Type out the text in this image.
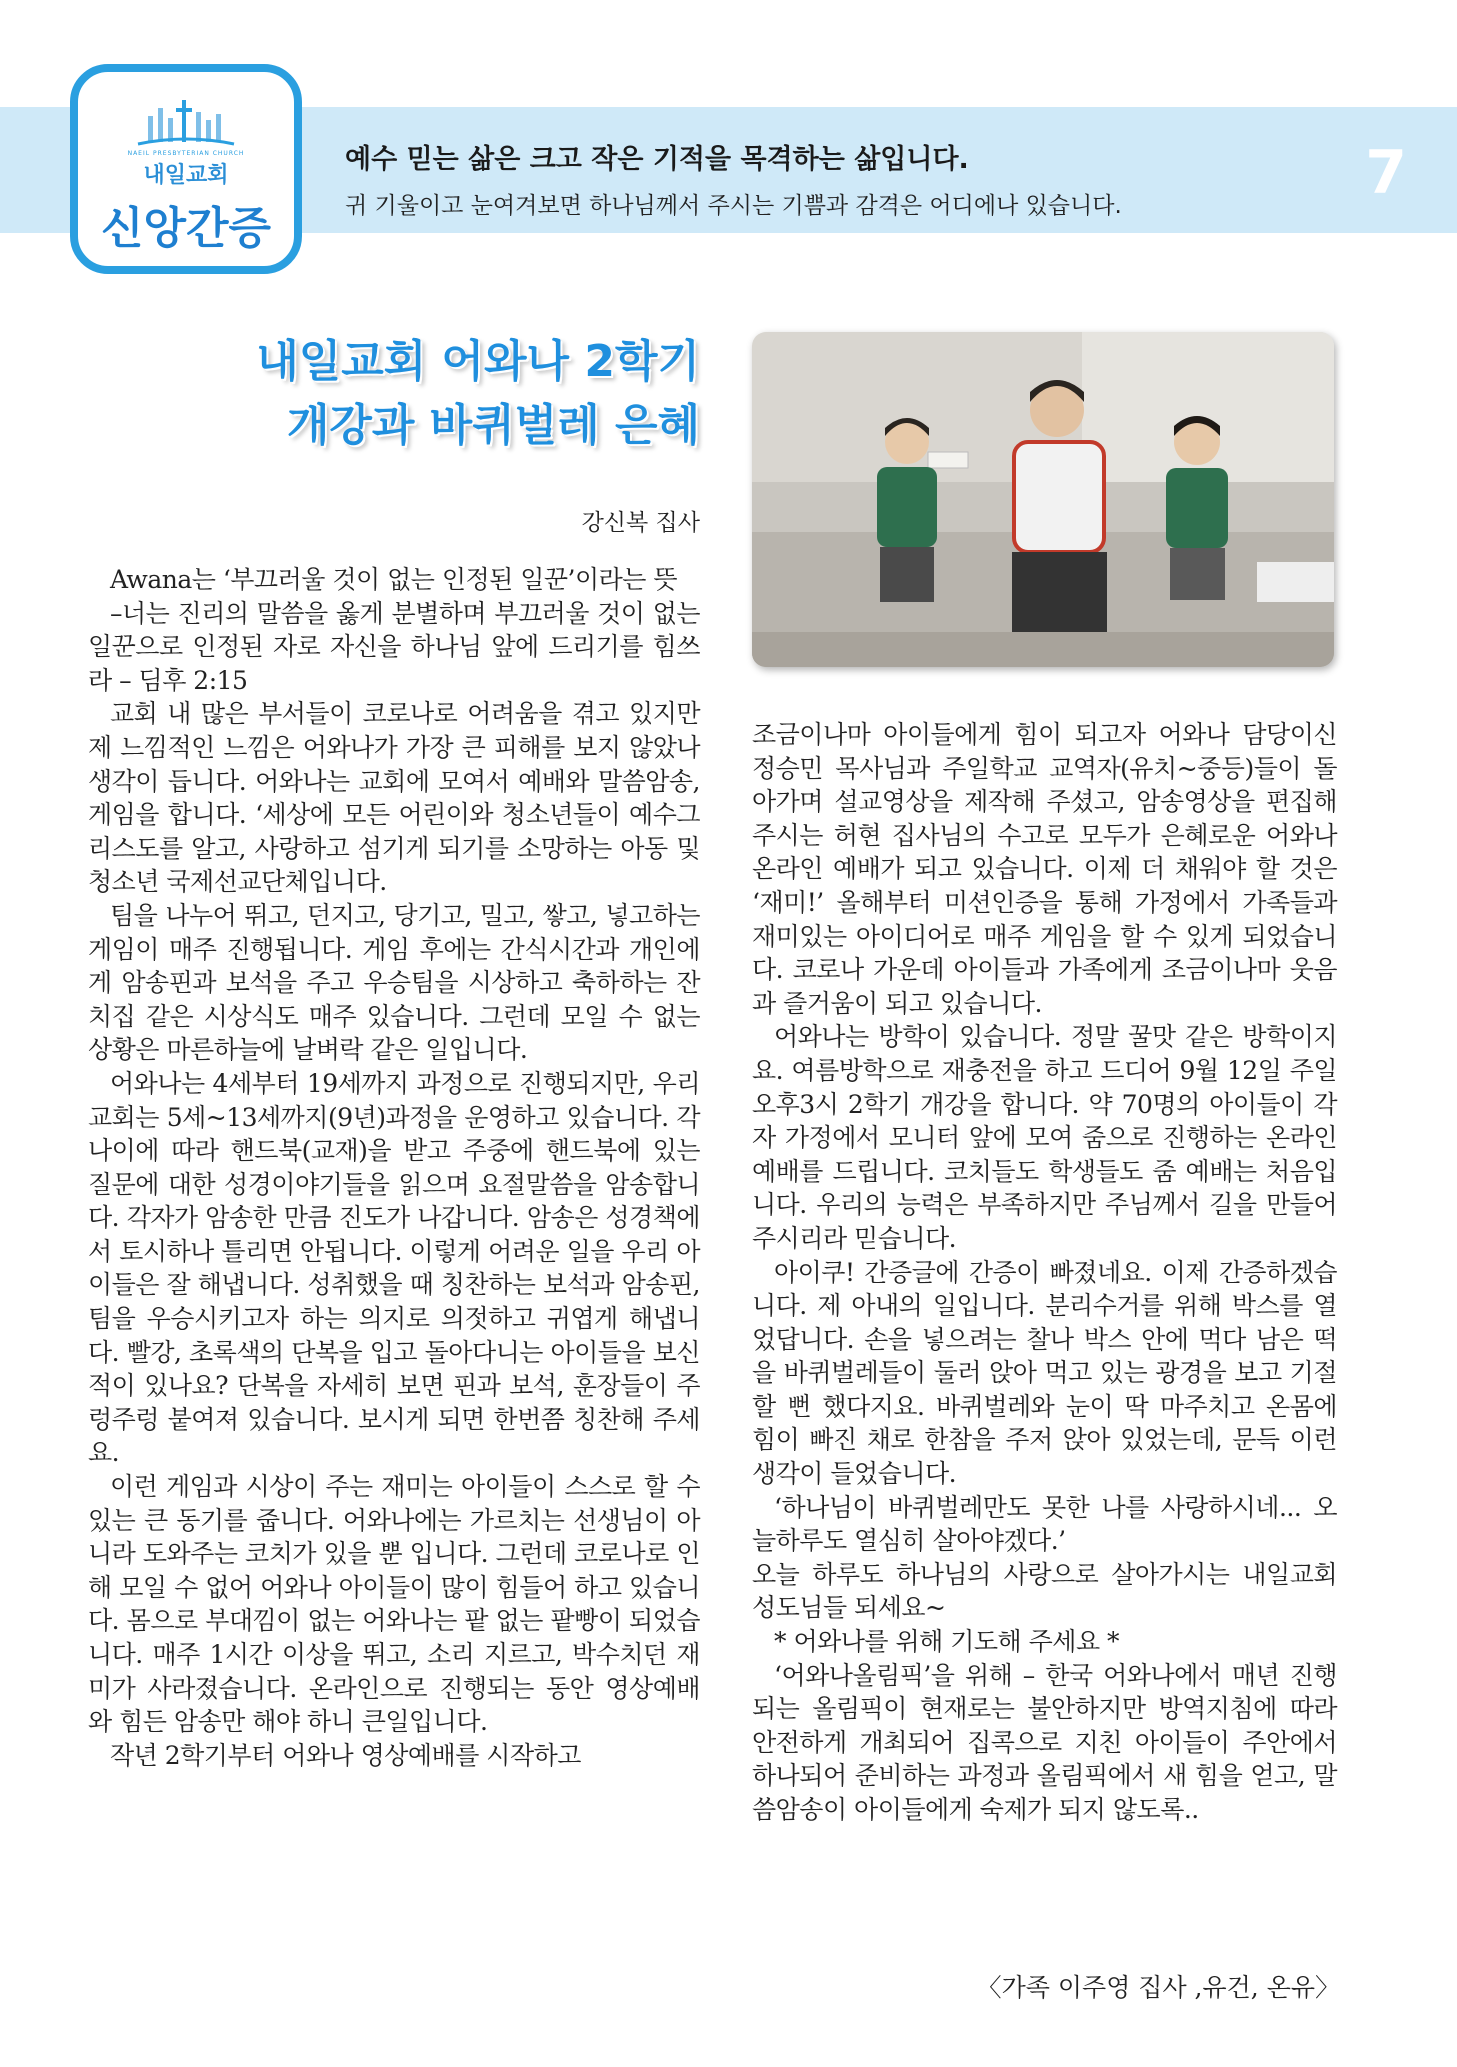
NAEIL PRESBYTERIAN CHURCH
내일교회
신앙간증
예수 믿는 삶은 크고 작은 기적을 목격하는 삶입니다.
귀 기울이고 눈여겨보면 하나님께서 주시는 기쁨과 감격은 어디에나 있습니다.	7
내일교회 어와나 2학기
개강과 바퀴벌레 은혜
강신복 집사

Awana는 ‘부끄러울 것이 없는 인정된 일꾼’이라는 뜻

–너는 진리의 말씀을 옳게 분별하며 부끄러울 것이 없는 일꾼으로 인정된 자로 자신을 하나님 앞에 드리기를 힘쓰라 – 딤후 2:15

교회 내 많은 부서들이 코로나로 어려움을 겪고 있지만 제 느낌적인 느낌은 어와나가 가장 큰 피해를 보지 않았나 생각이 듭니다. 어와나는 교회에 모여서 예배와 말씀암송, 게임을 합니다. ‘세상에 모든 어린이와 청소년들이 예수그리스도를 알고, 사랑하고 섬기게 되기를 소망하는 아동 및 청소년 국제선교단체입니다.

팀을 나누어 뛰고, 던지고, 당기고, 밀고, 쌓고, 넣고하는 게임이 매주 진행됩니다. 게임 후에는 간식시간과 개인에게 암송핀과 보석을 주고 우승팀을 시상하고 축하하는 잔치집 같은 시상식도 매주 있습니다. 그런데 모일 수 없는 상황은 마른하늘에 날벼락 같은 일입니다.

어와나는 4세부터 19세까지 과정으로 진행되지만, 우리교회는 5세~13세까지(9년)과정을 운영하고 있습니다. 각 나이에 따라 핸드북(교재)을 받고 주중에 핸드북에 있는 질문에 대한 성경이야기들을 읽으며 요절말씀을 암송합니다. 각자가 암송한 만큼 진도가 나갑니다. 암송은 성경책에서 토시하나 틀리면 안됩니다. 이렇게 어려운 일을 우리 아이들은 잘 해냅니다. 성취했을 때 칭찬하는 보석과 암송핀, 팀을 우승시키고자 하는 의지로 의젓하고 귀엽게 해냅니다. 빨강, 초록색의 단복을 입고 돌아다니는 아이들을 보신 적이 있나요? 단복을 자세히 보면 핀과 보석, 훈장들이 주렁주렁 붙여져 있습니다. 보시게 되면 한번쯤 칭찬해 주세요.

이런 게임과 시상이 주는 재미는 아이들이 스스로 할 수 있는 큰 동기를 줍니다. 어와나에는 가르치는 선생님이 아니라 도와주는 코치가 있을 뿐 입니다. 그런데 코로나로 인해 모일 수 없어 어와나 아이들이 많이 힘들어 하고 있습니다. 몸으로 부대낌이 없는 어와나는 팥 없는 팥빵이 되었습니다. 매주 1시간 이상을 뛰고, 소리 지르고, 박수치던 재미가 사라졌습니다. 온라인으로 진행되는 동안 영상예배와 힘든 암송만 해야 하니 큰일입니다.

작년 2학기부터 어와나 영상예배를 시작하고

조금이나마 아이들에게 힘이 되고자 어와나 담당이신 정승민 목사님과 주일학교 교역자(유치~중등)들이 돌아가며 설교영상을 제작해 주셨고, 암송영상을 편집해 주시는 허현 집사님의 수고로 모두가 은혜로운 어와나 온라인 예배가 되고 있습니다. 이제 더 채워야 할 것은 ‘재미!’ 올해부터 미션인증을 통해 가정에서 가족들과 재미있는 아이디어로 매주 게임을 할 수 있게 되었습니다. 코로나 가운데 아이들과 가족에게 조금이나마 웃음과 즐거움이 되고 있습니다.

어와나는 방학이 있습니다. 정말 꿀맛 같은 방학이지요. 여름방학으로 재충전을 하고 드디어 9월 12일 주일 오후3시 2학기 개강을 합니다. 약 70명의 아이들이 각자 가정에서 모니터 앞에 모여 줌으로 진행하는 온라인예배를 드립니다. 코치들도 학생들도 줌 예배는 처음입니다. 우리의 능력은 부족하지만 주님께서 길을 만들어 주시리라 믿습니다.

아이쿠! 간증글에 간증이 빠졌네요. 이제 간증하겠습니다. 제 아내의 일입니다. 분리수거를 위해 박스를 열었답니다. 손을 넣으려는 찰나 박스 안에 먹다 남은 떡을 바퀴벌레들이 둘러 앉아 먹고 있는 광경을 보고 기절할 뻔 했다지요. 바퀴벌레와 눈이 딱 마주치고 온몸에 힘이 빠진 채로 한참을 주저 앉아 있었는데, 문득 이런 생각이 들었습니다.

‘하나님이 바퀴벌레만도 못한 나를 사랑하시네... 오늘하루도 열심히 살아야겠다.’

오늘 하루도 하나님의 사랑으로 살아가시는 내일교회 성도님들 되세요~

* 어와나를 위해 기도해 주세요 *

‘어와나올림픽’을 위해 – 한국 어와나에서 매년 진행되는 올림픽이 현재로는 불안하지만 방역지침에 따라 안전하게 개최되어 집콕으로 지친 아이들이 주안에서 하나되어 준비하는 과정과 올림픽에서 새 힘을 얻고, 말씀암송이 아이들에게 숙제가 되지 않도록..

〈가족 이주영 집사 ,유건, 온유〉
